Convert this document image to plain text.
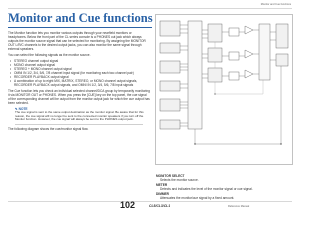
Monitor and Cue functions
Monitor and Cue functions

The Monitor function lets you monitor various outputs through your nearfield monitors or headphones. Below the front part of the CL series console is a PHONES out jack which always outputs the monitor source signal that can be selected for monitoring. By assigning the MONITOR OUT L/R/C channels to the desired output jacks, you can also monitor the same signal through external speakers.

You can select the following signals as the monitor source.

• STEREO channel output signal
• MONO channel output signal
• STEREO + MONO channel output signal
• OMNI IN 1/2, 3/4, 5/6, 7/8 channel input signal (for monitoring each two channel pair)
• RECORDER PLAYBACK output signal
• A combination of up to eight MIX, MATRIX, STEREO, or MONO channel output signals, RECORDER PLAYBACK output signals, and OMNI IN 1/2, 3/4, 5/6, 7/8 input signals

The Cue function lets you check an individual selected channel/DCA group by temporarily monitoring it via MONITOR OUT or PHONES. When you press the [CUE] key on the top panel, the cue signal of the corresponding channel will be output from the monitor output jack for which the cue output has been selected.

✎ NOTE
The cue signal is sent to the same output destination as the monitor signal. Be aware that for this reason, the cue signal will no longer be sent to the connected monitor speakers if you turn off the Monitor function. However, the cue signal will always be sent to the PHONES output jack.

The following diagram shows the cue/monitor signal flow.

MONITOR SELECT
Selects the monitor source.
METER
Detects and indicates the level of the monitor signal or cue signal.
DIMMER
Attenuates the monitor/cue signal by a fixed amount.
102	CL5/CL3/CL1	Reference Manual
